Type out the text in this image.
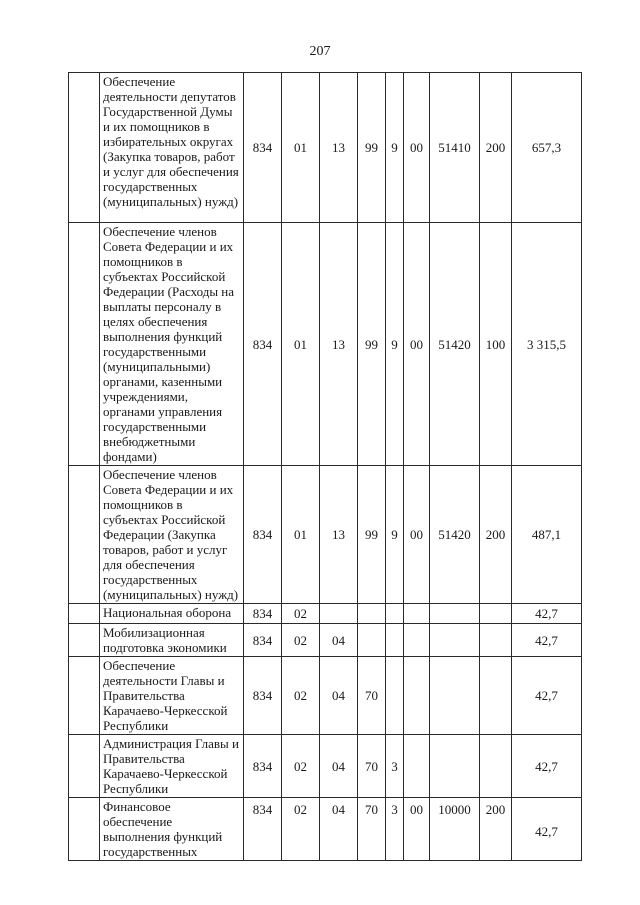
207
	Обеспечение деятельности депутатов Государственной Думы и их помощников в избирательных округах (Закупка товаров, работ и услуг для обеспечения государственных (муниципальных) нужд)	834	01	13	99	9	00	51410	200	657,3
	Обеспечение членов Совета Федерации и их помощников в субъектах Российской Федерации (Расходы на выплаты персоналу в целях обеспечения выполнения функций государственными (муниципальными) органами, казенными учреждениями, органами управления государственными внебюджетными фондами)	834	01	13	99	9	00	51420	100	3 315,5
	Обеспечение членов Совета Федерации и их помощников в субъектах Российской Федерации (Закупка товаров, работ и услуг для обеспечения государственных (муниципальных) нужд)	834	01	13	99	9	00	51420	200	487,1
	Национальная оборона	834	02							42,7
	Мобилизационная подготовка экономики	834	02	04						42,7
	Обеспечение деятельности Главы и Правительства Карачаево-Черкесской Республики	834	02	04	70					42,7
	Администрация Главы и Правительства Карачаево-Черкесской Республики	834	02	04	70	3				42,7
	Финансовое обеспечение выполнения функций государственных	834	02	04	70	3	00	10000	200	42,7
